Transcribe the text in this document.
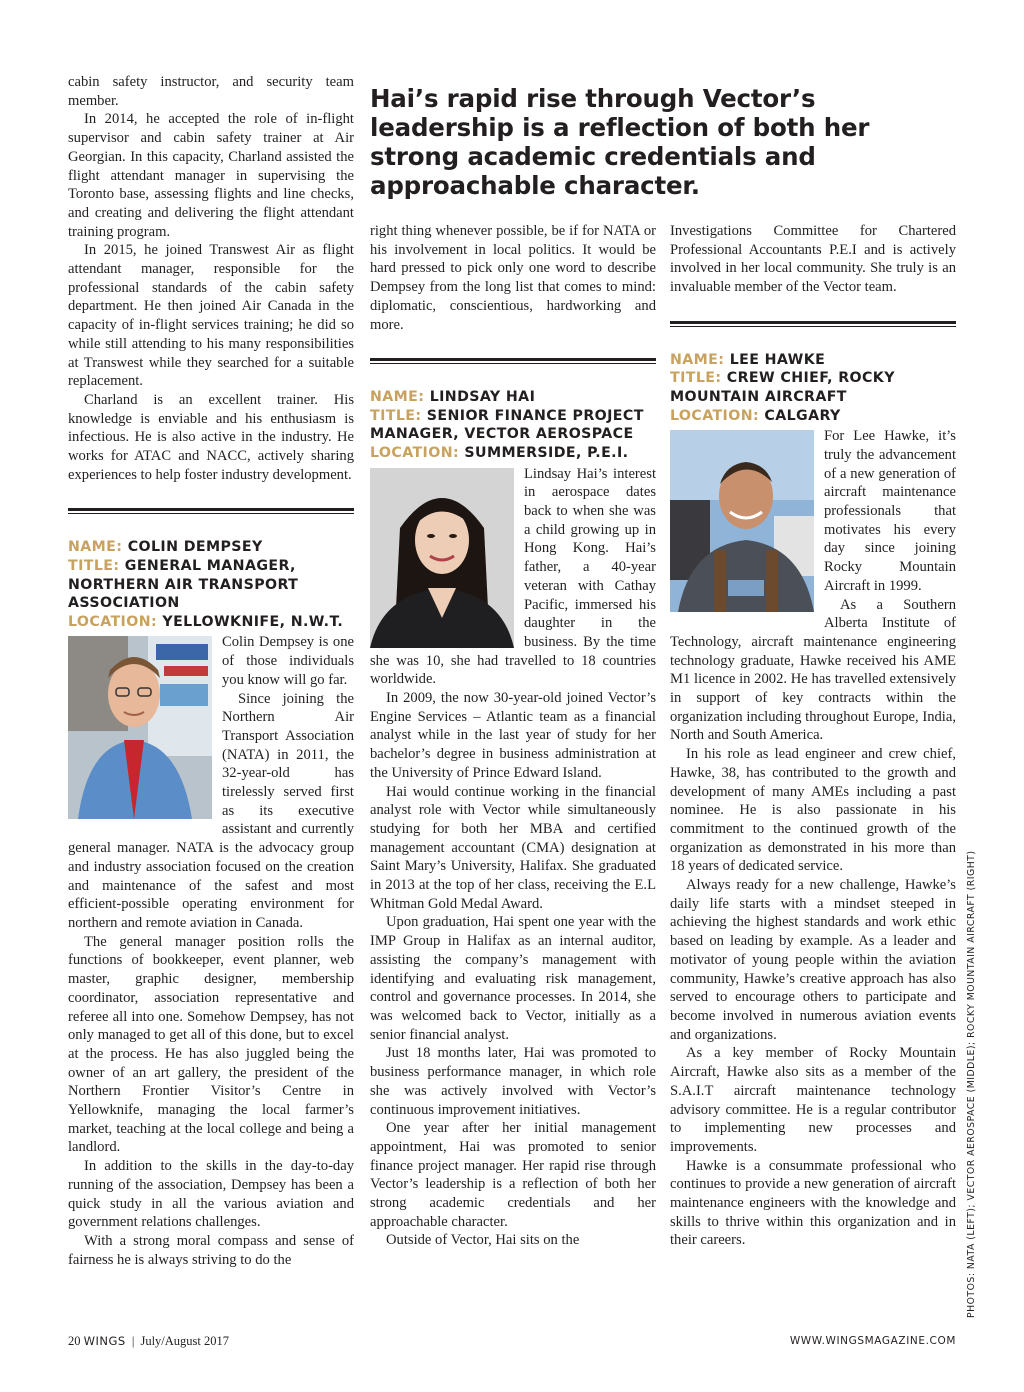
Hai’s rapid rise through Vector’s leadership is a reflection of both her strong academic credentials and approachable character.

cabin safety instructor, and security team member.

In 2014, he accepted the role of in-flight supervisor and cabin safety trainer at Air Georgian. In this capacity, Charland assisted the flight attendant manager in supervising the Toronto base, assessing flights and line checks, and creating and delivering the flight attendant training program.

In 2015, he joined Transwest Air as flight attendant manager, responsible for the professional standards of the cabin safety department. He then joined Air Canada in the capacity of in-flight services training; he did so while still attending to his many responsibilities at Transwest while they searched for a suitable replacement.

Charland is an excellent trainer. His knowledge is enviable and his enthusiasm is infectious. He is also active in the industry. He works for ATAC and NACC, actively sharing experiences to help foster industry development.

NAME: COLIN DEMPSEY
TITLE: GENERAL MANAGER, NORTHERN AIR TRANSPORT ASSOCIATION
LOCATION: YELLOWKNIFE, N.W.T.

Colin Dempsey is one of those individuals you know will go far.

Since joining the Northern Air Transport Association (NATA) in 2011, the 32-year-old has tirelessly served first as its executive assistant and currently general manager. NATA is the advocacy group and industry association focused on the creation and maintenance of the safest and most efficient-possible operating environment for northern and remote aviation in Canada.

The general manager position rolls the functions of bookkeeper, event planner, web master, graphic designer, membership coordinator, association representative and referee all into one. Somehow Dempsey, has not only managed to get all of this done, but to excel at the process. He has also juggled being the owner of an art gallery, the president of the Northern Frontier Visitor’s Centre in Yellowknife, managing the local farmer’s market, teaching at the local college and being a landlord.

In addition to the skills in the day-to-day running of the association, Dempsey has been a quick study in all the various aviation and government relations challenges.

With a strong moral compass and sense of fairness he is always striving to do the

right thing whenever possible, be if for NATA or his involvement in local politics. It would be hard pressed to pick only one word to describe Dempsey from the long list that comes to mind: diplomatic, conscientious, hardworking and more.

NAME: LINDSAY HAI
TITLE: SENIOR FINANCE PROJECT MANAGER, VECTOR AEROSPACE
LOCATION: SUMMERSIDE, P.E.I.

Lindsay Hai’s interest in aerospace dates back to when she was a child growing up in Hong Kong. Hai’s father, a 40-year veteran with Cathay Pacific, immersed his daughter in the business. By the time she was 10, she had travelled to 18 countries worldwide.

In 2009, the now 30-year-old joined Vector’s Engine Services – Atlantic team as a financial analyst while in the last year of study for her bachelor’s degree in business administration at the University of Prince Edward Island.

Hai would continue working in the financial analyst role with Vector while simultaneously studying for both her MBA and certified management accountant (CMA) designation at Saint Mary’s University, Halifax. She graduated in 2013 at the top of her class, receiving the E.L Whitman Gold Medal Award.

Upon graduation, Hai spent one year with the IMP Group in Halifax as an internal auditor, assisting the company’s management with identifying and evaluating risk management, control and governance processes. In 2014, she was welcomed back to Vector, initially as a senior financial analyst.

Just 18 months later, Hai was promoted to business performance manager, in which role she was actively involved with Vector’s continuous improvement initiatives.

One year after her initial management appointment, Hai was promoted to senior finance project manager. Her rapid rise through Vector’s leadership is a reflection of both her strong academic credentials and her approachable character.

Outside of Vector, Hai sits on the

Investigations Committee for Chartered Professional Accountants P.E.I and is actively involved in her local community. She truly is an invaluable member of the Vector team.

NAME: LEE HAWKE
TITLE: CREW CHIEF, ROCKY MOUNTAIN AIRCRAFT
LOCATION: CALGARY

For Lee Hawke, it’s truly the advancement of a new generation of aircraft maintenance professionals that motivates his every day since joining Rocky Mountain Aircraft in 1999.

As a Southern Alberta Institute of Technology, aircraft maintenance engineering technology graduate, Hawke received his AME M1 licence in 2002. He has travelled extensively in support of key contracts within the organization including throughout Europe, India, North and South America.

In his role as lead engineer and crew chief, Hawke, 38, has contributed to the growth and development of many AMEs including a past nominee. He is also passionate in his commitment to the continued growth of the organization as demonstrated in his more than 18 years of dedicated service.

Always ready for a new challenge, Hawke’s daily life starts with a mindset steeped in achieving the highest standards and work ethic based on leading by example. As a leader and motivator of young people within the aviation community, Hawke’s creative approach has also served to encourage others to participate and become involved in numerous aviation events and organizations.

As a key member of Rocky Mountain Aircraft, Hawke also sits as a member of the S.A.I.T aircraft maintenance technology advisory committee. He is a regular contributor to implementing new processes and improvements.

Hawke is a consummate professional who continues to provide a new generation of aircraft maintenance engineers with the knowledge and skills to thrive within this organization and in their careers.	PHOTOS: NATA (LEFT); VECTOR AEROSPACE (MIDDLE); ROCKY MOUNTAIN AIRCRAFT (RIGHT)
20 WINGS | July/August 2017	WWW.WINGSMAGAZINE.COM
